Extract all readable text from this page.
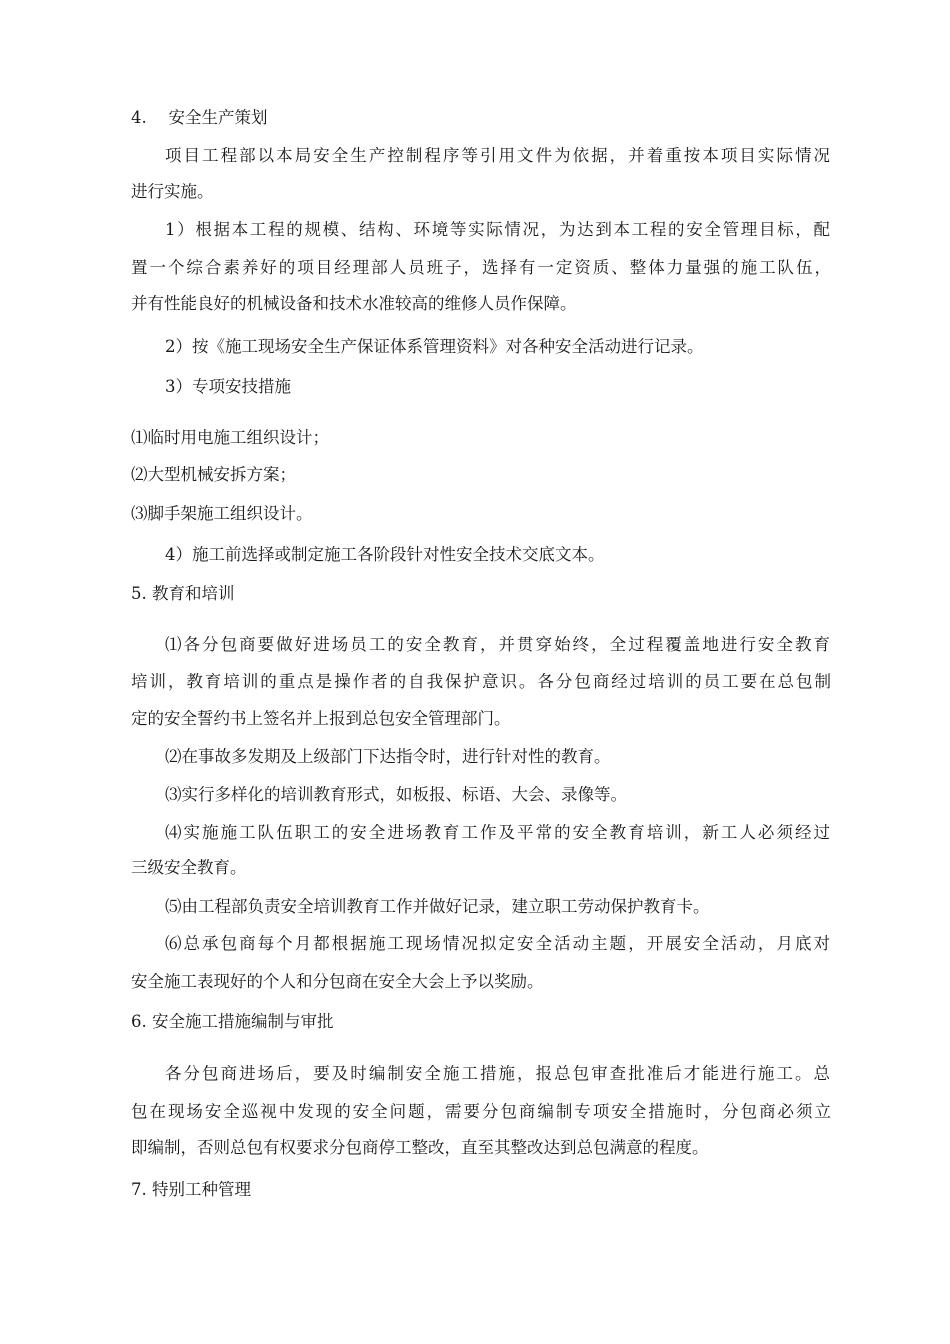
4.　 安全生产策划
项目工程部以本局安全生产控制程序等引用文件为依据，并着重按本项目实际情况
进行实施。
1）根据本工程的规模、结构、环境等实际情况，为达到本工程的安全管理目标，配
置一个综合素养好的项目经理部人员班子，选择有一定资质、整体力量强的施工队伍，
并有性能良好的机械设备和技术水准较高的维修人员作保障。
2）按《施工现场安全生产保证体系管理资料》对各种安全活动进行记录。
3）专项安技措施
⑴临时用电施工组织设计；
⑵大型机械安拆方案；
⑶脚手架施工组织设计。
4）施工前选择或制定施工各阶段针对性安全技术交底文本。
5. 教育和培训
⑴各分包商要做好进场员工的安全教育，并贯穿始终，全过程覆盖地进行安全教育
培训，教育培训的重点是操作者的自我保护意识。各分包商经过培训的员工要在总包制
定的安全誓约书上签名并上报到总包安全管理部门。
⑵在事故多发期及上级部门下达指令时，进行针对性的教育。
⑶实行多样化的培训教育形式，如板报、标语、大会、录像等。
⑷实施施工队伍职工的安全进场教育工作及平常的安全教育培训，新工人必须经过
三级安全教育。
⑸由工程部负责安全培训教育工作并做好记录，建立职工劳动保护教育卡。
⑹总承包商每个月都根据施工现场情况拟定安全活动主题，开展安全活动，月底对
安全施工表现好的个人和分包商在安全大会上予以奖励。
6. 安全施工措施编制与审批
各分包商进场后，要及时编制安全施工措施，报总包审查批准后才能进行施工。总
包在现场安全巡视中发现的安全问题，需要分包商编制专项安全措施时，分包商必须立
即编制，否则总包有权要求分包商停工整改，直至其整改达到总包满意的程度。
7. 特别工种管理
